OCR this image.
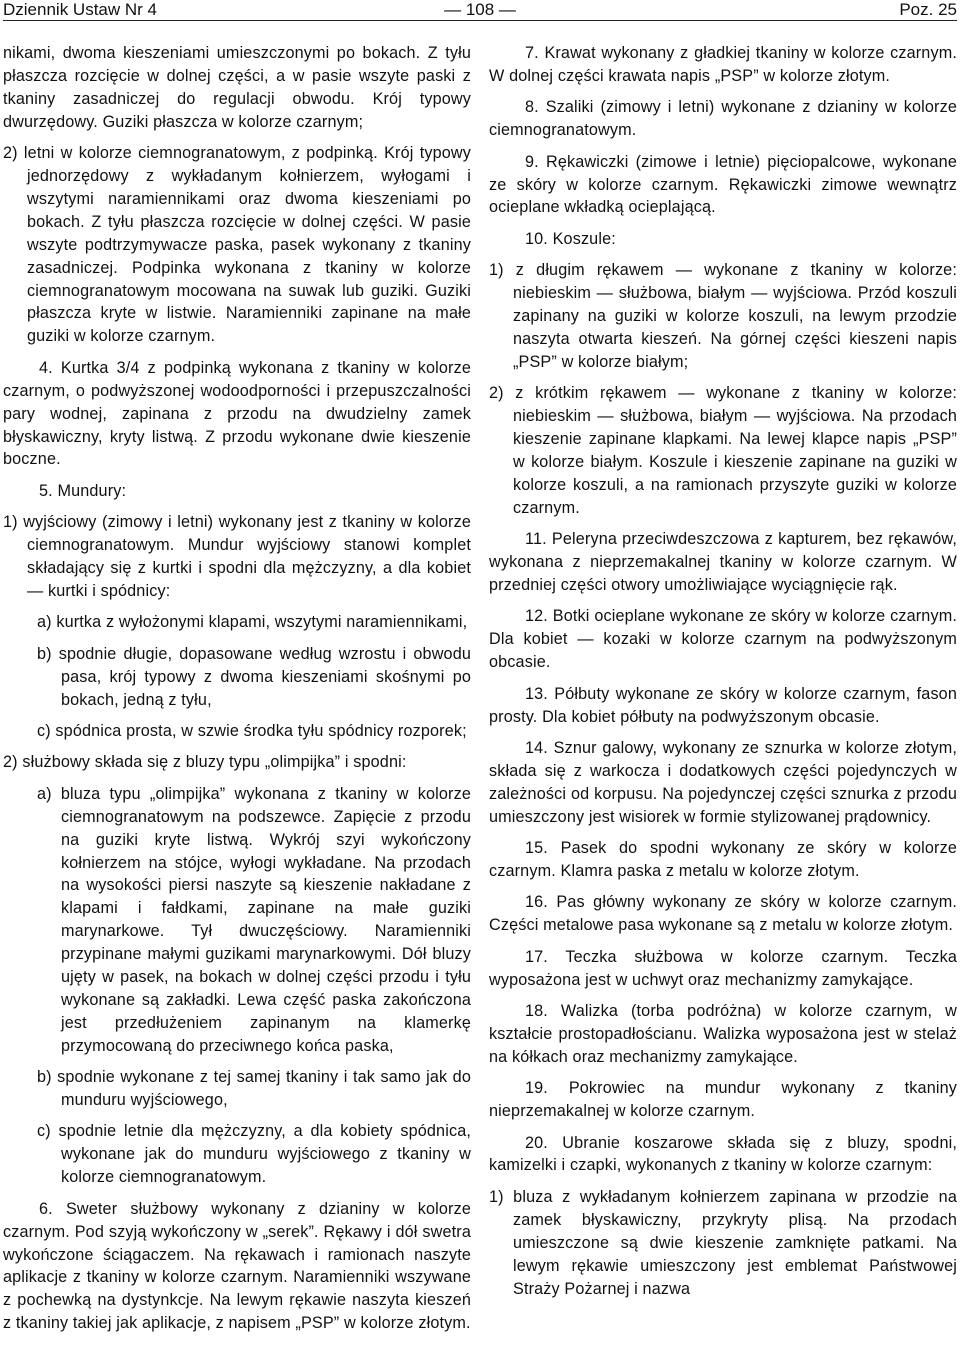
Dziennik Ustaw Nr 4	— 108 —	Poz. 25

nikami, dwoma kieszeniami umieszczonymi po bokach. Z tyłu płaszcza rozcięcie w dolnej części, a w pasie wszyte paski z tkaniny zasadniczej do regulacji obwodu. Krój typowy dwurzędowy. Guziki płaszcza w kolorze czarnym;

2) letni w kolorze ciemnogranatowym, z podpinką. Krój typowy jednorzędowy z wykładanym kołnierzem, wyłogami i wszytymi naramiennikami oraz dwoma kieszeniami po bokach. Z tyłu płaszcza rozcięcie w dolnej części. W pasie wszyte podtrzymywacze paska, pasek wykonany z tkaniny zasadniczej. Podpinka wykonana z tkaniny w kolorze ciemnogranatowym mocowana na suwak lub guziki. Guziki płaszcza kryte w listwie. Naramienniki zapinane na małe guziki w kolorze czarnym.

4. Kurtka 3/4 z podpinką wykonana z tkaniny w kolorze czarnym, o podwyższonej wodoodporności i przepuszczalności pary wodnej, zapinana z przodu na dwudzielny zamek błyskawiczny, kryty listwą. Z przodu wykonane dwie kieszenie boczne.

5. Mundury:

1) wyjściowy (zimowy i letni) wykonany jest z tkaniny w kolorze ciemnogranatowym. Mundur wyjściowy stanowi komplet składający się z kurtki i spodni dla mężczyzny, a dla kobiet — kurtki i spódnicy:

a) kurtka z wyłożonymi klapami, wszytymi naramiennikami,

b) spodnie długie, dopasowane według wzrostu i obwodu pasa, krój typowy z dwoma kieszeniami skośnymi po bokach, jedną z tyłu,

c) spódnica prosta, w szwie środka tyłu spódnicy rozporek;

2) służbowy składa się z bluzy typu „olimpijka” i spodni:

a) bluza typu „olimpijka” wykonana z tkaniny w kolorze ciemnogranatowym na podszewce. Zapięcie z przodu na guziki kryte listwą. Wykrój szyi wykończony kołnierzem na stójce, wyłogi wykładane. Na przodach na wysokości piersi naszyte są kieszenie nakładane z klapami i fałdkami, zapinane na małe guziki marynarkowe. Tył dwuczęściowy. Naramienniki przypinane małymi guzikami marynarkowymi. Dół bluzy ujęty w pasek, na bokach w dolnej części przodu i tyłu wykonane są zakładki. Lewa część paska zakończona jest przedłużeniem zapinanym na klamerkę przymocowaną do przeciwnego końca paska,

b) spodnie wykonane z tej samej tkaniny i tak samo jak do munduru wyjściowego,

c) spodnie letnie dla mężczyzny, a dla kobiety spódnica, wykonane jak do munduru wyjściowego z tkaniny w kolorze ciemnogranatowym.

6. Sweter służbowy wykonany z dzianiny w kolorze czarnym. Pod szyją wykończony w „serek”. Rękawy i dół swetra wykończone ściągaczem. Na rękawach i ramionach naszyte aplikacje z tkaniny w kolorze czarnym. Naramienniki wszywane z pochewką na dystynkcje. Na lewym rękawie naszyta kieszeń z tkaniny takiej jak aplikacje, z napisem „PSP” w kolorze złotym.

7. Krawat wykonany z gładkiej tkaniny w kolorze czarnym. W dolnej części krawata napis „PSP” w kolorze złotym.

8. Szaliki (zimowy i letni) wykonane z dzianiny w kolorze ciemnogranatowym.

9. Rękawiczki (zimowe i letnie) pięciopalcowe, wykonane ze skóry w kolorze czarnym. Rękawiczki zimowe wewnątrz ocieplane wkładką ocieplającą.

10. Koszule:

1) z długim rękawem — wykonane z tkaniny w kolorze: niebieskim — służbowa, białym — wyjściowa. Przód koszuli zapinany na guziki w kolorze koszuli, na lewym przodzie naszyta otwarta kieszeń. Na górnej części kieszeni napis „PSP” w kolorze białym;

2) z krótkim rękawem — wykonane z tkaniny w kolorze: niebieskim — służbowa, białym — wyjściowa. Na przodach kieszenie zapinane klapkami. Na lewej klapce napis „PSP” w kolorze białym. Koszule i kieszenie zapinane na guziki w kolorze koszuli, a na ramionach przyszyte guziki w kolorze czarnym.

11. Peleryna przeciwdeszczowa z kapturem, bez rękawów, wykonana z nieprzemakalnej tkaniny w kolorze czarnym. W przedniej części otwory umożliwiające wyciągnięcie rąk.

12. Botki ocieplane wykonane ze skóry w kolorze czarnym. Dla kobiet — kozaki w kolorze czarnym na podwyższonym obcasie.

13. Półbuty wykonane ze skóry w kolorze czarnym, fason prosty. Dla kobiet półbuty na podwyższonym obcasie.

14. Sznur galowy, wykonany ze sznurka w kolorze złotym, składa się z warkocza i dodatkowych części pojedynczych w zależności od korpusu. Na pojedynczej części sznurka z przodu umieszczony jest wisiorek w formie stylizowanej prądownicy.

15. Pasek do spodni wykonany ze skóry w kolorze czarnym. Klamra paska z metalu w kolorze złotym.

16. Pas główny wykonany ze skóry w kolorze czarnym. Części metalowe pasa wykonane są z metalu w kolorze złotym.

17. Teczka służbowa w kolorze czarnym. Teczka wyposażona jest w uchwyt oraz mechanizmy zamykające.

18. Walizka (torba podróżna) w kolorze czarnym, w kształcie prostopadłościanu. Walizka wyposażona jest w stelaż na kółkach oraz mechanizmy zamykające.

19. Pokrowiec na mundur wykonany z tkaniny nieprzemakalnej w kolorze czarnym.

20. Ubranie koszarowe składa się z bluzy, spodni, kamizelki i czapki, wykonanych z tkaniny w kolorze czarnym:

1) bluza z wykładanym kołnierzem zapinana w przodzie na zamek błyskawiczny, przykryty plisą. Na przodach umieszczone są dwie kieszenie zamknięte patkami. Na lewym rękawie umieszczony jest emblemat Państwowej Straży Pożarnej i nazwa
